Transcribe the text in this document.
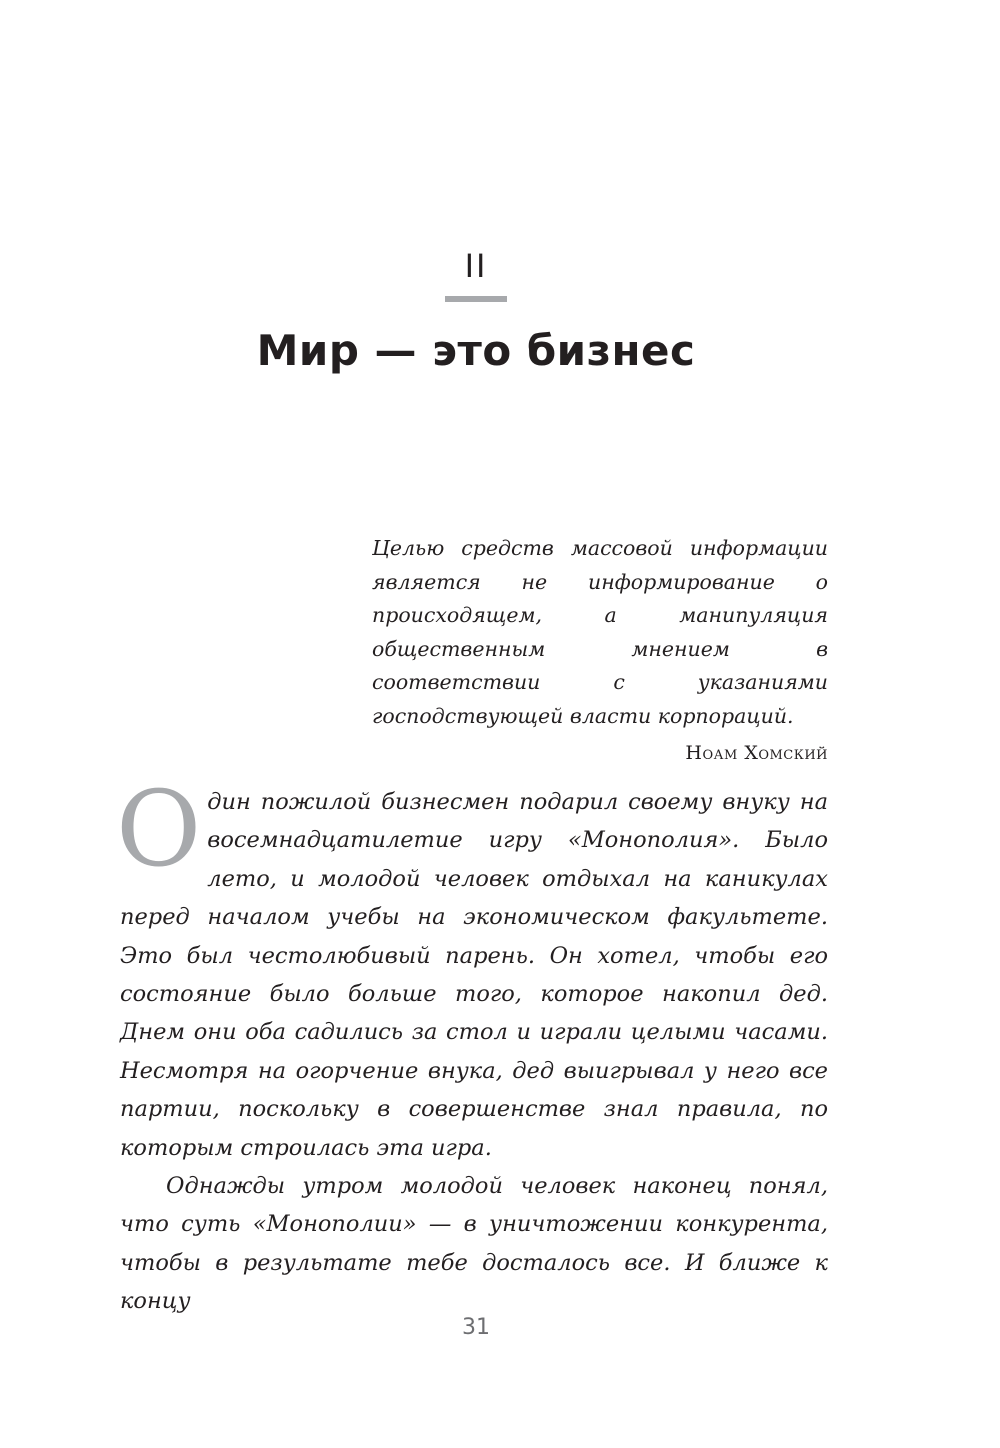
II
Мир — это бизнес

Целью средств массовой информации является не информирование о происходящем, а манипуляция общественным мнением в соответствии с указаниями господствующей власти корпораций.

Ноам Хомский

Один пожилой бизнесмен подарил своему внуку на восемнадцатилетие игру «Монополия». Было лето, и молодой человек отдыхал на каникулах перед началом учебы на экономическом факультете. Это был честолюбивый парень. Он хотел, чтобы его состояние было больше того, которое накопил дед. Днем они оба садились за стол и играли целыми часами. Несмотря на огорчение внука, дед выигрывал у него все партии, поскольку в совершенстве знал правила, по которым строилась эта игра.

Однажды утром молодой человек наконец понял, что суть «Монополии» — в уничтожении конкурента, чтобы в результате тебе досталось все. И ближе к концу

31
